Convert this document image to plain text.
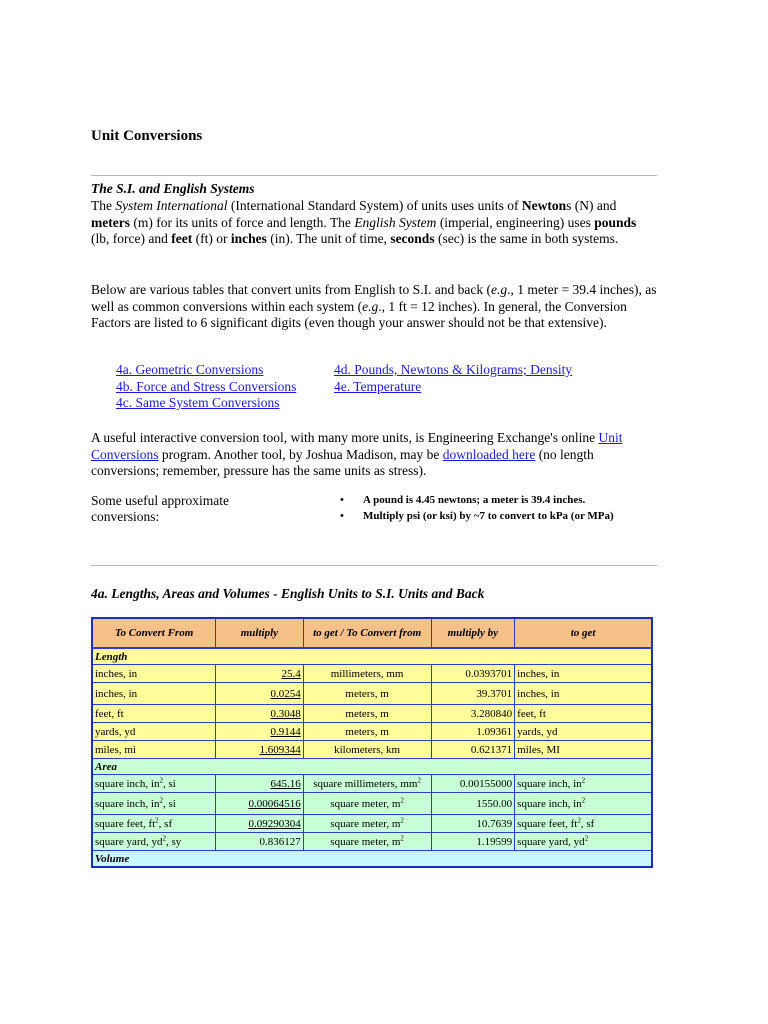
Unit Conversions

The S.I. and English Systems

The System International (International Standard System) of units uses units of Newtons (N) and meters (m) for its units of force and length. The English System (imperial, engineering) uses pounds (lb, force) and feet (ft) or inches (in). The unit of time, seconds (sec) is the same in both systems.

Below are various tables that convert units from English to S.I. and back (e.g., 1 meter = 39.4 inches), as well as common conversions within each system (e.g., 1 ft = 12 inches). In general, the Conversion Factors are listed to 6 significant digits (even though your answer should not be that extensive).

4a. Geometric Conversions
4b. Force and Stress Conversions
4c. Same System Conversions
4d. Pounds, Newtons & Kilograms; Density
4e. Temperature

A useful interactive conversion tool, with many more units, is Engineering Exchange's online Unit Conversions program. Another tool, by Joshua Madison, may be downloaded here (no length conversions; remember, pressure has the same units as stress).

Some useful approximate conversions:

• A pound is 4.45 newtons; a meter is 39.4 inches.
• Multiply psi (or ksi) by ~7 to convert to kPa (or MPa)

4a. Lengths, Areas and Volumes - English Units to S.I. Units and Back

To Convert From	multiply	to get / To Convert from	multiply by	to get
Length				
inches, in	25.4	millimeters, mm	0.0393701	inches, in
inches, in	0.0254	meters, m	39.3701	inches, in
feet, ft	0.3048	meters, m	3.280840	feet, ft
yards, yd	0.9144	meters, m	1.09361	yards, yd
miles, mi	1.609344	kilometers, km	0.621371	miles, MI
Area				
square inch, $in^2$, si	645.16	square millimeters, $mm^2$	0.00155000	square inch, $in^2$
square inch, $in^2$, si	0.00064516	square meter, $m^2$	1550.00	square inch, $in^2$
square feet, $ft^2$, sf	0.09290304	square meter, $m^2$	10.7639	square feet, $ft^2$, sf
square yard, $yd^2$, sy	0.836127	square meter, $m^2$	1.19599	square yard, $yd^2$
Volume				
